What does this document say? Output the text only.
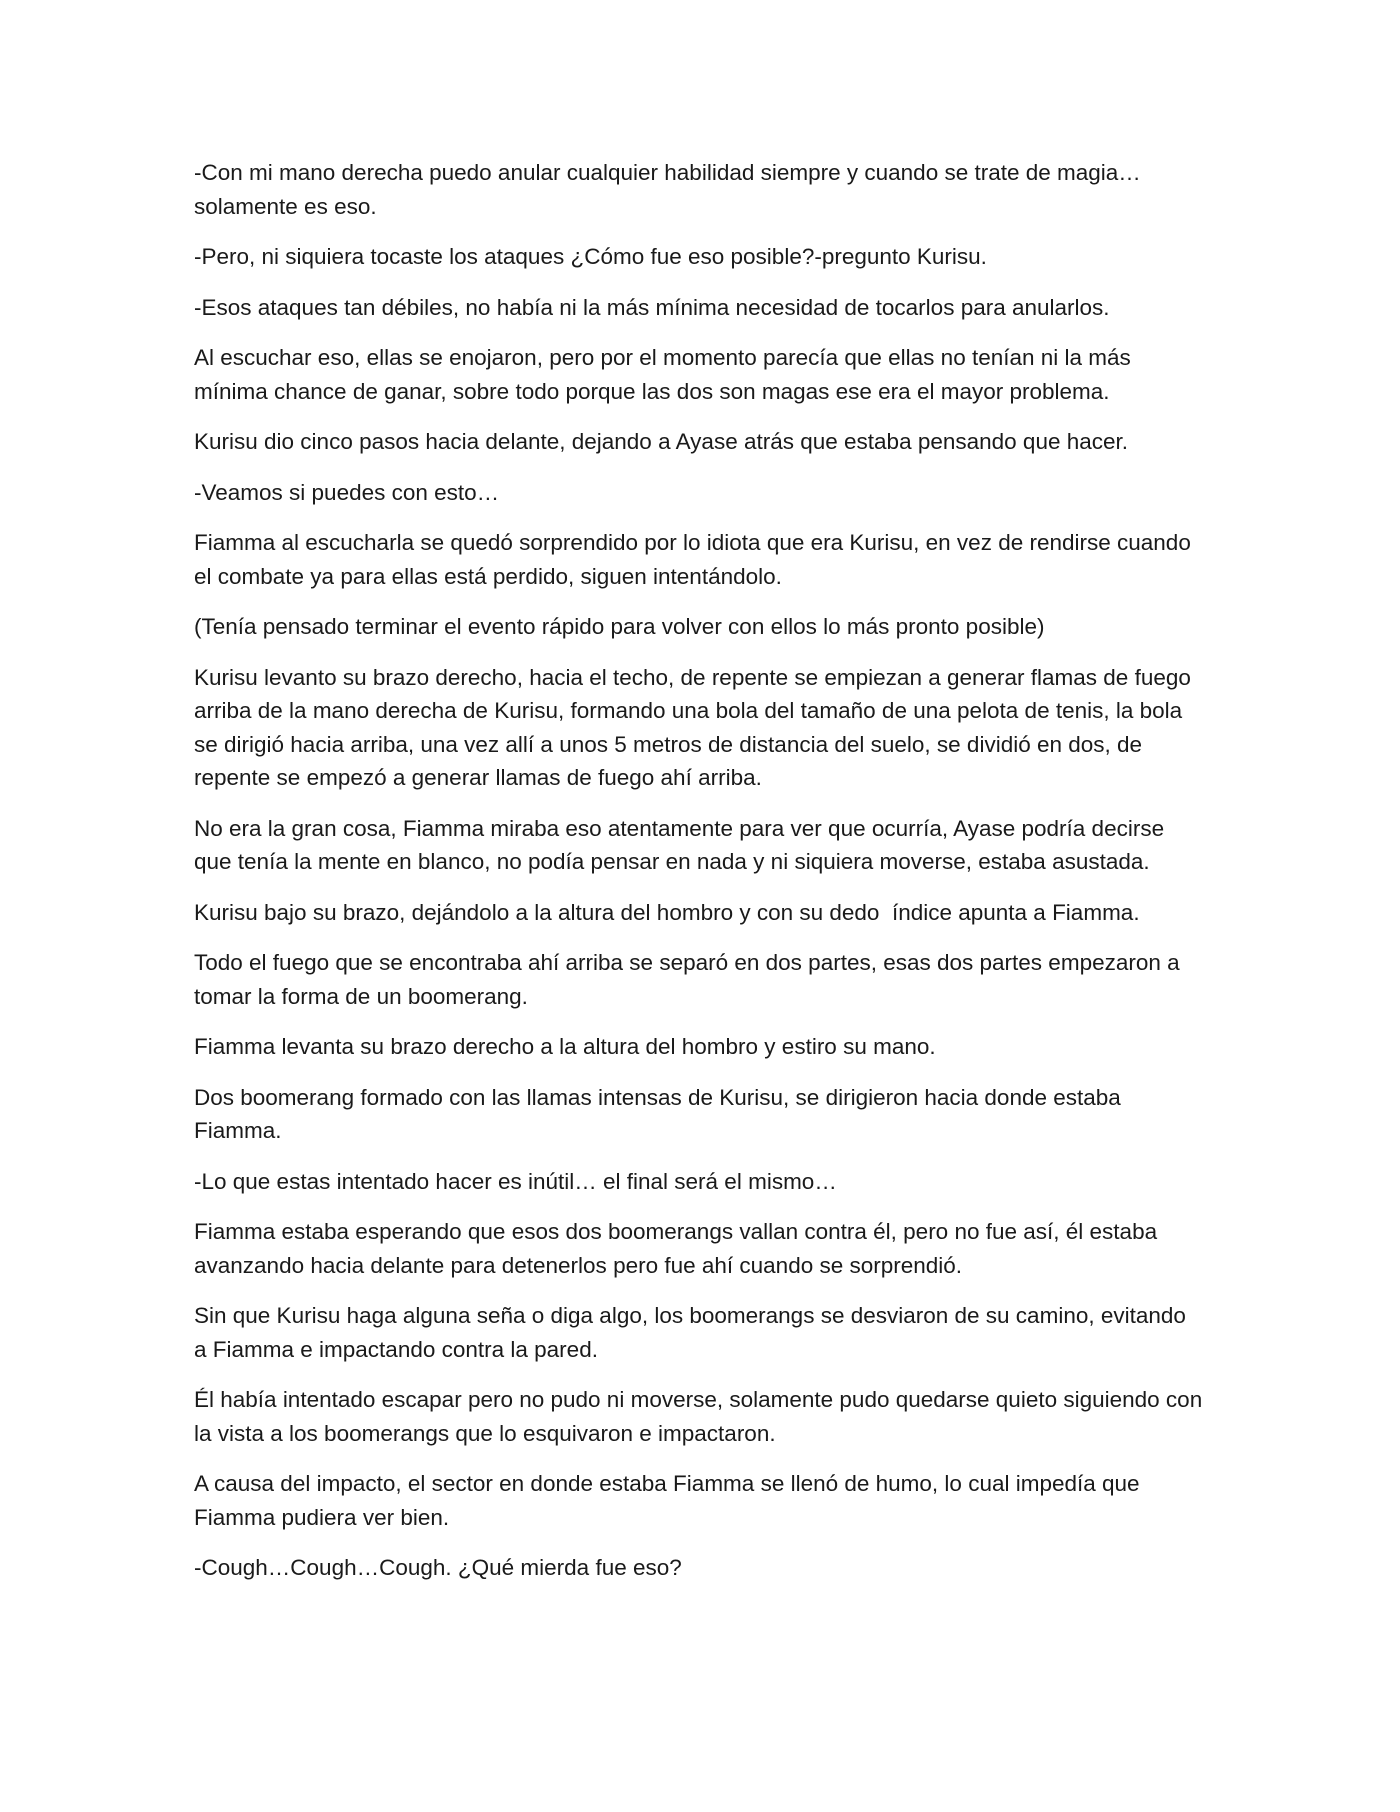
-Con mi mano derecha puedo anular cualquier habilidad siempre y cuando se trate de magia… solamente es eso.

-Pero, ni siquiera tocaste los ataques ¿Cómo fue eso posible?-pregunto Kurisu.

-Esos ataques tan débiles, no había ni la más mínima necesidad de tocarlos para anularlos.

Al escuchar eso, ellas se enojaron, pero por el momento parecía que ellas no tenían ni la más mínima chance de ganar, sobre todo porque las dos son magas ese era el mayor problema.

Kurisu dio cinco pasos hacia delante, dejando a Ayase atrás que estaba pensando que hacer.

-Veamos si puedes con esto…

Fiamma al escucharla se quedó sorprendido por lo idiota que era Kurisu, en vez de rendirse cuando el combate ya para ellas está perdido, siguen intentándolo.

(Tenía pensado terminar el evento rápido para volver con ellos lo más pronto posible)

Kurisu levanto su brazo derecho, hacia el techo, de repente se empiezan a generar flamas de fuego arriba de la mano derecha de Kurisu, formando una bola del tamaño de una pelota de tenis, la bola se dirigió hacia arriba, una vez allí a unos 5 metros de distancia del suelo, se dividió en dos, de repente se empezó a generar llamas de fuego ahí arriba.

No era la gran cosa, Fiamma miraba eso atentamente para ver que ocurría, Ayase podría decirse que tenía la mente en blanco, no podía pensar en nada y ni siquiera moverse, estaba asustada.

Kurisu bajo su brazo, dejándolo a la altura del hombro y con su dedo  índice apunta a Fiamma.

Todo el fuego que se encontraba ahí arriba se separó en dos partes, esas dos partes empezaron a tomar la forma de un boomerang.

Fiamma levanta su brazo derecho a la altura del hombro y estiro su mano.

Dos boomerang formado con las llamas intensas de Kurisu, se dirigieron hacia donde estaba Fiamma.

-Lo que estas intentado hacer es inútil… el final será el mismo…

Fiamma estaba esperando que esos dos boomerangs vallan contra él, pero no fue así, él estaba avanzando hacia delante para detenerlos pero fue ahí cuando se sorprendió.

Sin que Kurisu haga alguna seña o diga algo, los boomerangs se desviaron de su camino, evitando a Fiamma e impactando contra la pared.

Él había intentado escapar pero no pudo ni moverse, solamente pudo quedarse quieto siguiendo con la vista a los boomerangs que lo esquivaron e impactaron.

A causa del impacto, el sector en donde estaba Fiamma se llenó de humo, lo cual impedía que Fiamma pudiera ver bien.

-Cough…Cough…Cough. ¿Qué mierda fue eso?
